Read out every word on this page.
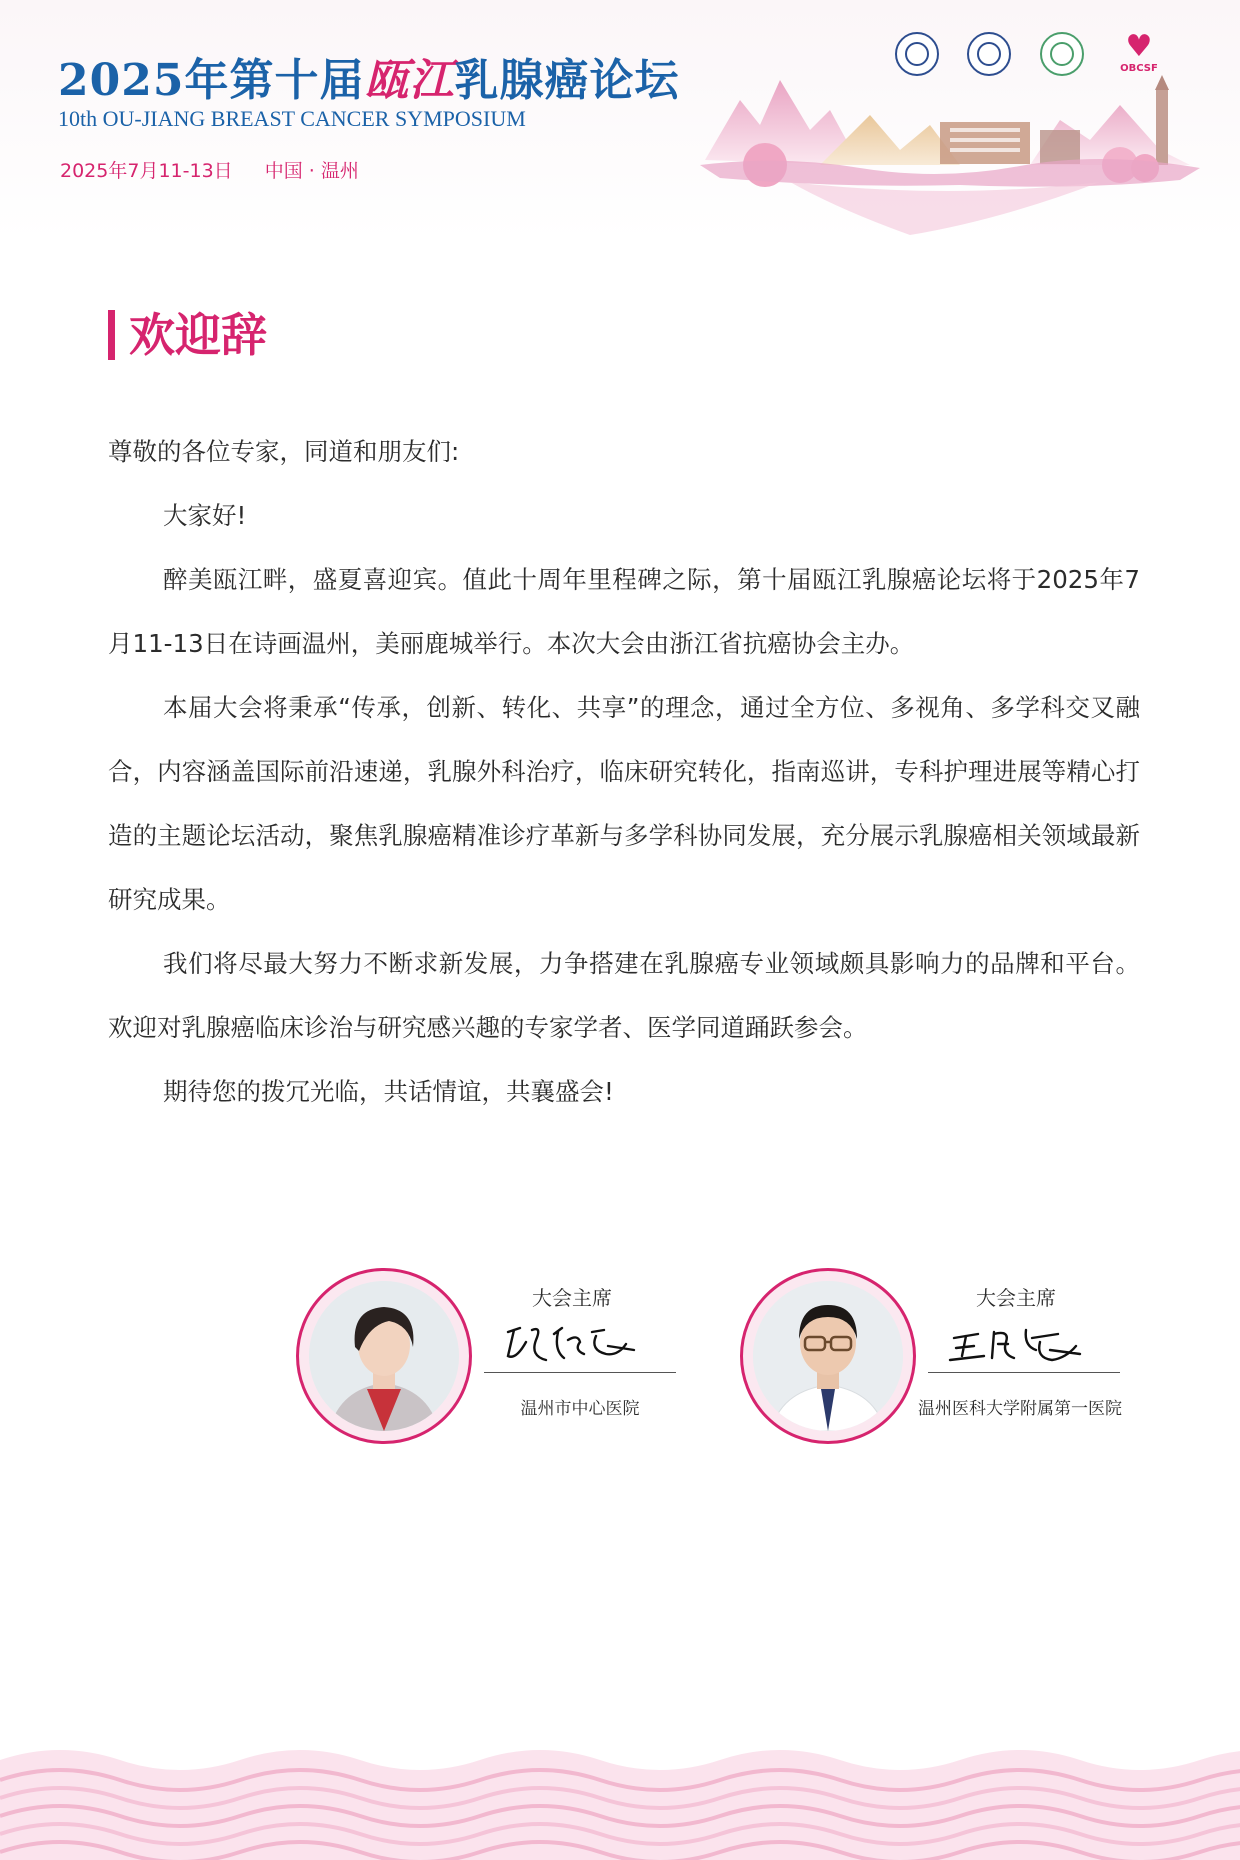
2025年第十届瓯江乳腺癌论坛

10th OU-JIANG BREAST CANCER SYMPOSIUM

2025年7月11-13日 中国 · 温州
♥
OBCSF
欢迎辞

尊敬的各位专家，同道和朋友们:

大家好!

醉美瓯江畔，盛夏喜迎宾。值此十周年里程碑之际，第十届瓯江乳腺癌论坛将于2025年7月11-13日在诗画温州，美丽鹿城举行。本次大会由浙江省抗癌协会主办。

本届大会将秉承“传承，创新、转化、共享”的理念，通过全方位、多视角、多学科交叉融合，内容涵盖国际前沿速递，乳腺外科治疗，临床研究转化，指南巡讲，专科护理进展等精心打造的主题论坛活动，聚焦乳腺癌精准诊疗革新与多学科协同发展，充分展示乳腺癌相关领域最新研究成果。

我们将尽最大努力不断求新发展，力争搭建在乳腺癌专业领域颇具影响力的品牌和平台。欢迎对乳腺癌临床诊治与研究感兴趣的专家学者、医学同道踊跃参会。

期待您的拨冗光临，共话情谊，共襄盛会!

大会主席
温州市中心医院
大会主席
温州医科大学附属第一医院
